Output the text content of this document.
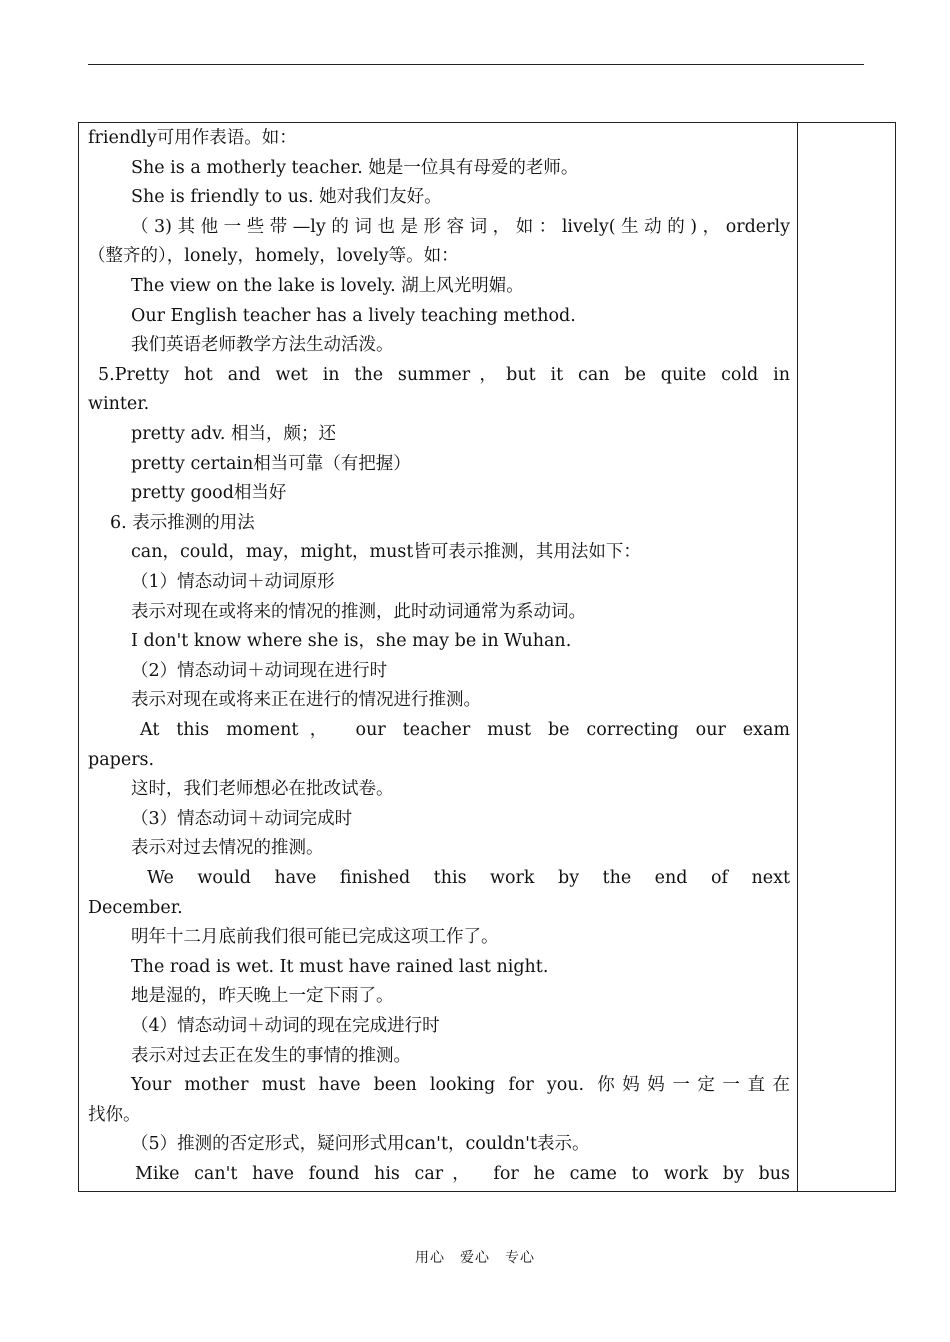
friendly可用作表语。如：
She is a motherly teacher. 她是一位具有母爱的老师。
She is friendly to us. 她对我们友好。
（3)其他一些带—ly的词也是形容词，如：lively(生动的)，orderly
（整齐的），lonely，homely，lovely等。如：
The view on the lake is lovely. 湖上风光明媚。
Our English teacher has a lively teaching method.
我们英语老师教学方法生动活泼。
5.Pretty hot and wet in the summer，but it can be quite cold in
winter.
pretty adv. 相当，颇；还
pretty certain相当可靠（有把握）
pretty good相当好
6. 表示推测的用法
can，could，may，might，must皆可表示推测，其用法如下：
（1）情态动词＋动词原形
表示对现在或将来的情况的推测，此时动词通常为系动词。
I don't know where she is，she may be in Wuhan.
（2）情态动词＋动词现在进行时
表示对现在或将来正在进行的情况进行推测。
At this moment， our teacher must be correcting our exam
papers.
这时，我们老师想必在批改试卷。
（3）情态动词＋动词完成时
表示对过去情况的推测。
We would have finished this work by the end of next
December.
明年十二月底前我们很可能已完成这项工作了。
The road is wet. It must have rained last night.
地是湿的，昨天晚上一定下雨了。
（4）情态动词＋动词的现在完成进行时
表示对过去正在发生的事情的推测。
Your mother must have been looking for you. 你妈妈一定一直在
找你。
（5）推测的否定形式，疑问形式用can't，couldn't表示。
Mike can't have found his car， for he came to work by bus
用心　爱心　专心
